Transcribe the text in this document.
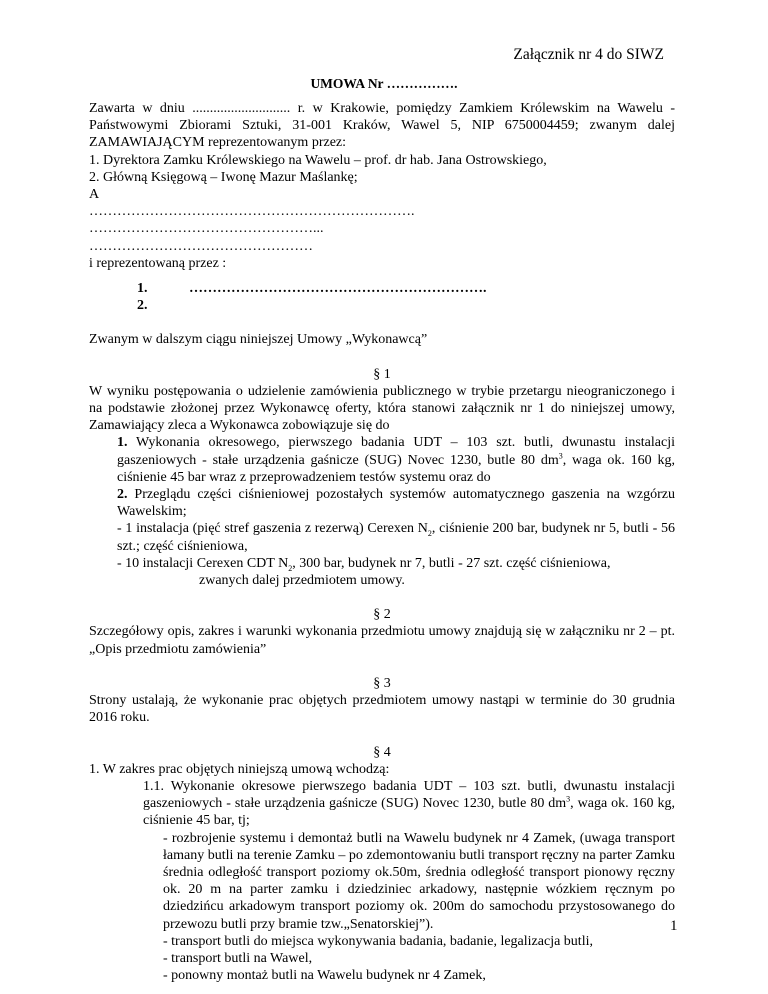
Załącznik nr 4 do SIWZ
UMOWA Nr …………….
Zawarta w dniu ............................ r. w Krakowie, pomiędzy Zamkiem Królewskim na Wawelu - Państwowymi Zbiorami Sztuki, 31-001 Kraków, Wawel 5, NIP 6750004459; zwanym dalej ZAMAWIAJĄCYM reprezentowanym przez:
1. Dyrektora Zamku Królewskiego na Wawelu – prof. dr hab. Jana Ostrowskiego,
2. Główną Księgową – Iwonę Mazur Maślankę;
A
…………………………………………………………….
…………………………………………...
…………………………………………
i reprezentowaną przez :
1.
2.
……………………………………………………….
Zwanym w dalszym ciągu niniejszej Umowy „Wykonawcą”
§ 1
W wyniku postępowania o udzielenie zamówienia publicznego w trybie przetargu nieograniczonego i na podstawie złożonej przez Wykonawcę oferty, która stanowi załącznik nr 1 do niniejszej umowy, Zamawiający zleca a Wykonawca zobowiązuje się do
1. Wykonania okresowego, pierwszego badania UDT – 103 szt. butli, dwunastu instalacji gaszeniowych - stałe urządzenia gaśnicze (SUG) Novec 1230, butle 80 $dm^3$, waga ok. 160 kg, ciśnienie 45 bar wraz z przeprowadzeniem testów systemu oraz do
2. Przeglądu części ciśnieniowej pozostałych systemów automatycznego gaszenia na wzgórzu Wawelskim;
- 1 instalacja (pięć stref gaszenia z rezerwą) Cerexen $N_2$, ciśnienie 200 bar, budynek nr 5, butli - 56 szt.; część ciśnieniowa,
- 10 instalacji Cerexen CDT $N_2$, 300 bar, budynek nr 7, butli - 27 szt. część ciśnieniowa,
zwanych dalej przedmiotem umowy.
§ 2
Szczegółowy opis, zakres i warunki wykonania przedmiotu umowy znajdują się w załączniku nr 2 – pt. „Opis przedmiotu zamówienia”
§ 3
Strony ustalają, że wykonanie prac objętych przedmiotem umowy nastąpi w terminie do 30 grudnia 2016 roku.
§ 4
1. W zakres prac objętych niniejszą umową wchodzą:
1.1. Wykonanie okresowe pierwszego badania UDT – 103 szt. butli, dwunastu instalacji gaszeniowych - stałe urządzenia gaśnicze (SUG) Novec 1230, butle 80 $dm^3$, waga ok. 160 kg, ciśnienie 45 bar, tj;
- rozbrojenie systemu i demontaż butli na Wawelu budynek nr 4 Zamek, (uwaga transport łamany butli na terenie Zamku – po zdemontowaniu butli transport ręczny na parter Zamku średnia odległość transport poziomy ok.50m, średnia odległość transport pionowy ręczny ok. 20 m na parter zamku i dziedziniec arkadowy, następnie wózkiem ręcznym po dziedzińcu arkadowym transport poziomy ok. 200m do samochodu przystosowanego do przewozu butli przy bramie tzw.„Senatorskiej”).
- transport butli do miejsca wykonywania badania, badanie, legalizacja butli,
- transport butli na Wawel,
- ponowny montaż butli na Wawelu budynek nr 4 Zamek,
1
